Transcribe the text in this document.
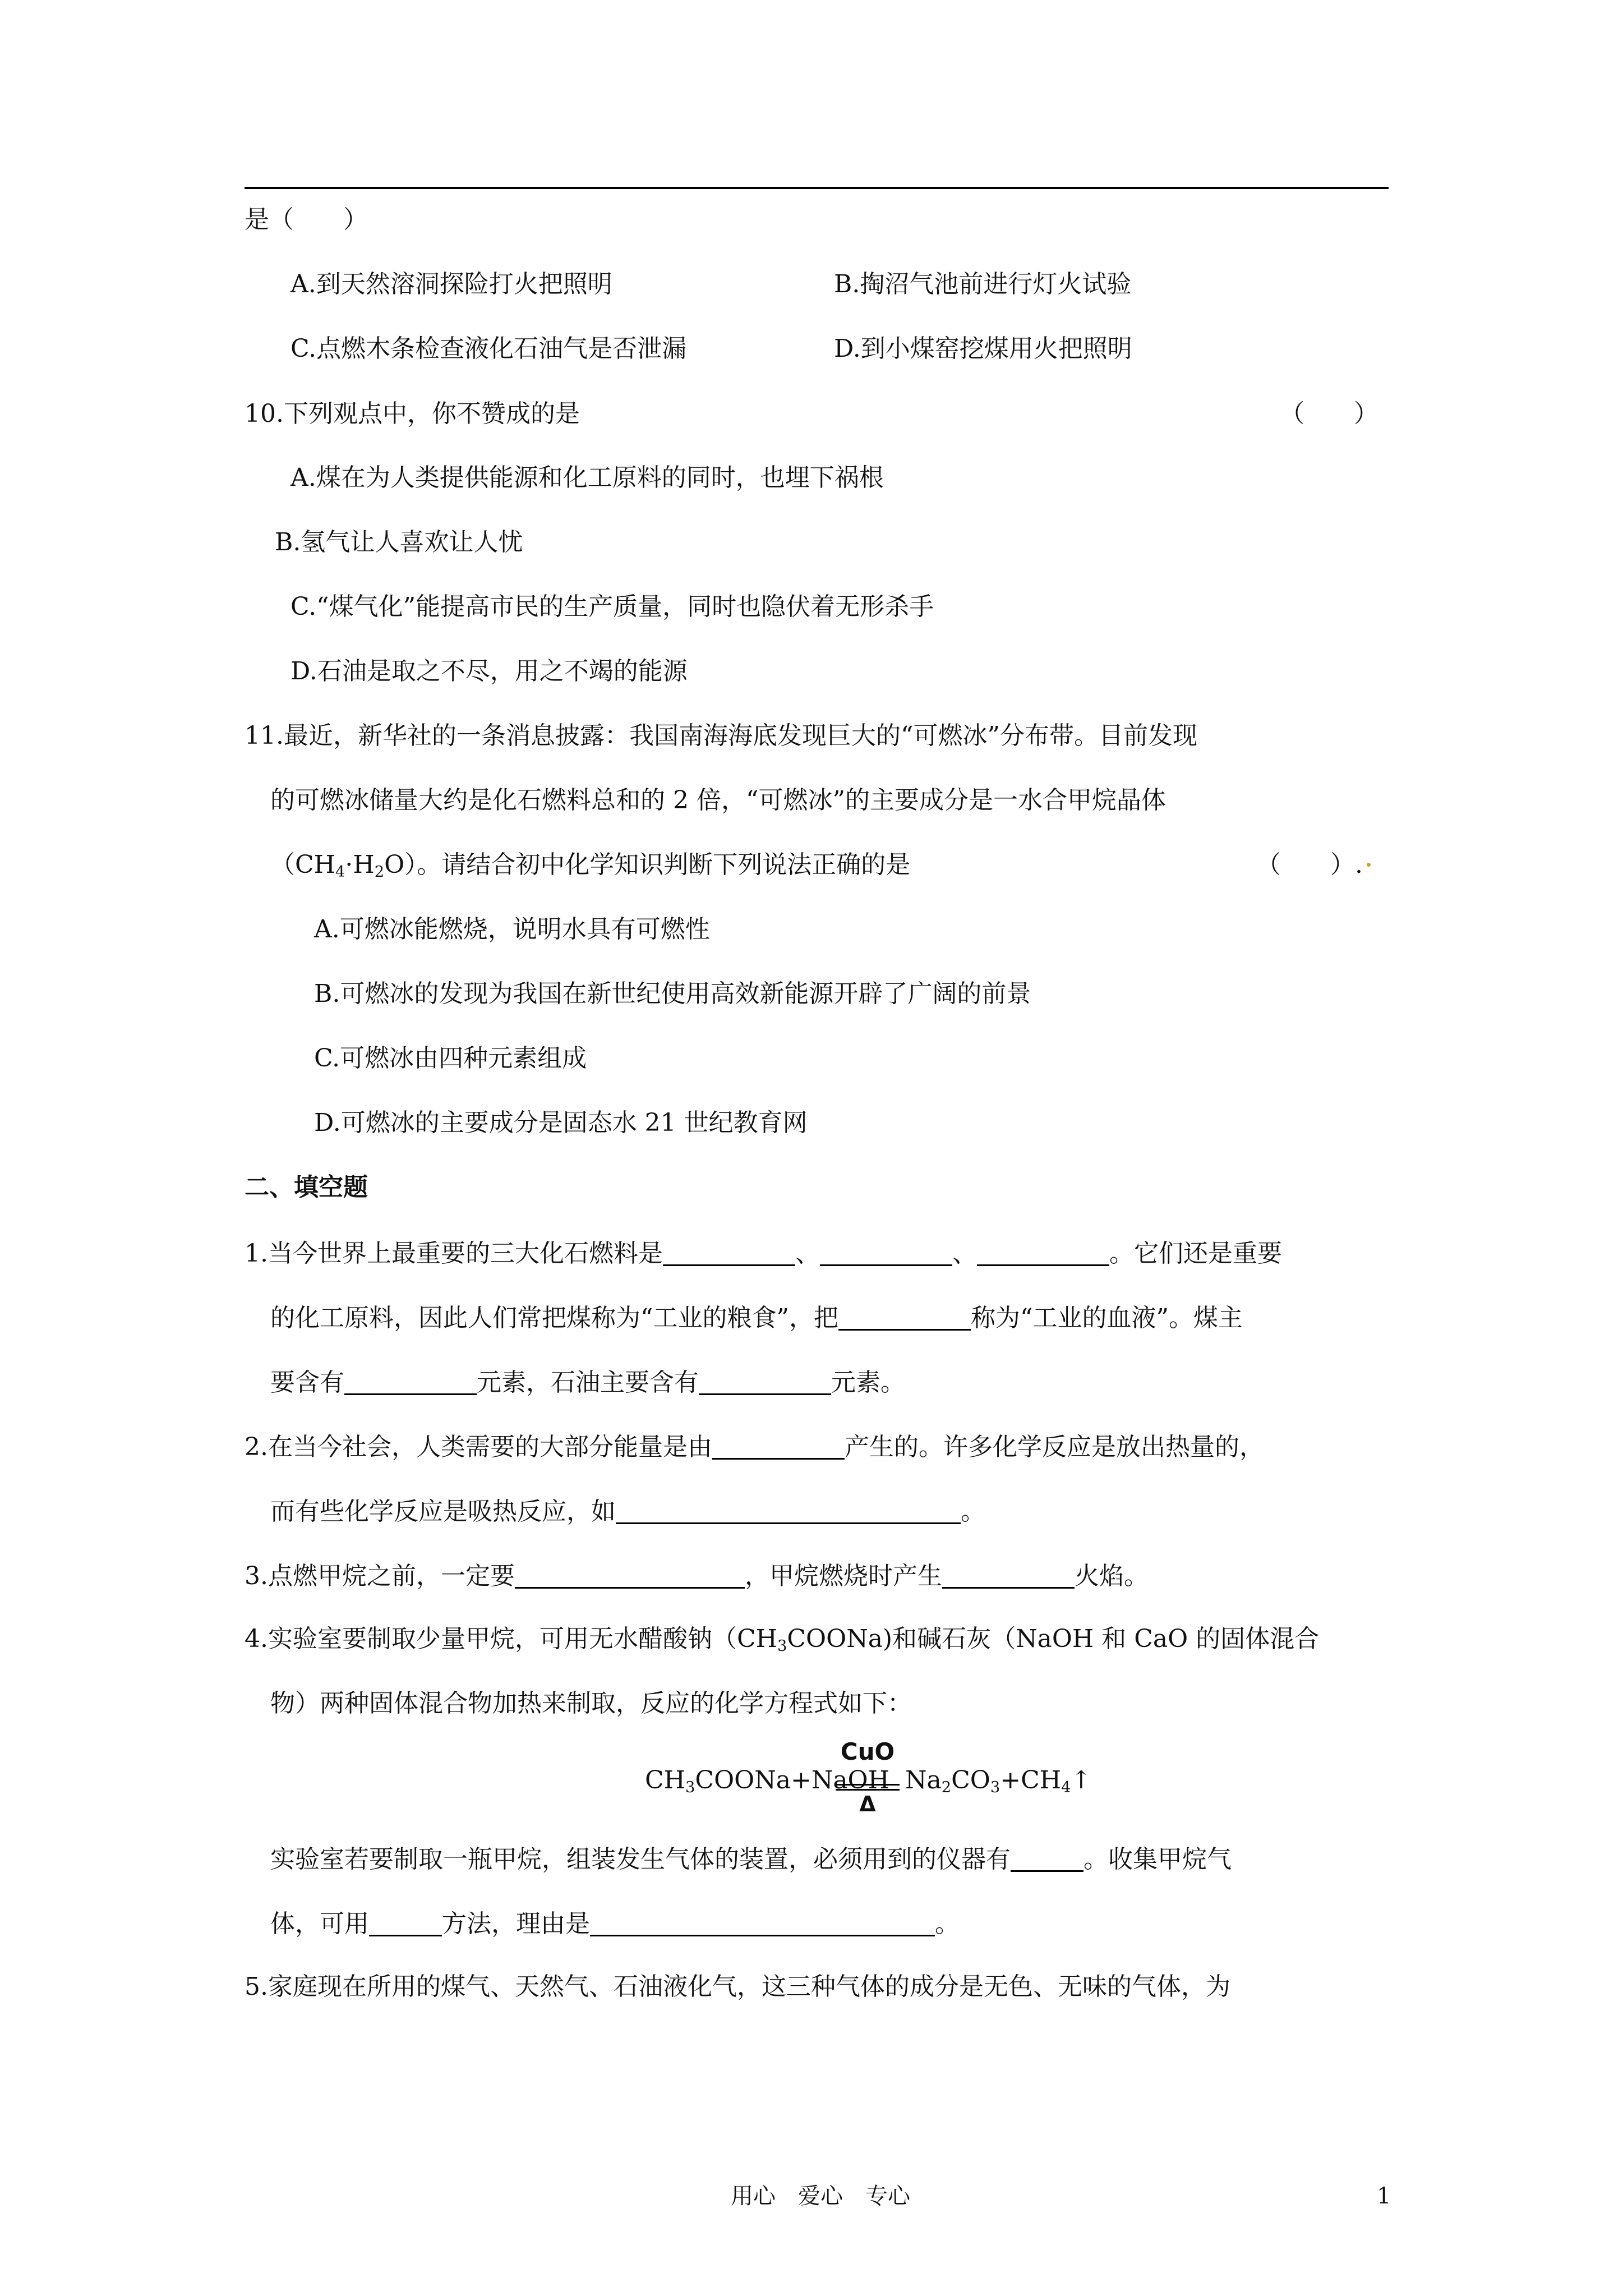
是（　　）
A.到天然溶洞探险打火把照明	B.掏沼气池前进行灯火试验
C.点燃木条检查液化石油气是否泄漏	D.到小煤窑挖煤用火把照明
10.下列观点中，你不赞成的是	（　　）
A.煤在为人类提供能源和化工原料的同时，也埋下祸根
B.氢气让人喜欢让人忧
C.“煤气化”能提高市民的生产质量，同时也隐伏着无形杀手
D.石油是取之不尽，用之不竭的能源
11.最近，新华社的一条消息披露：我国南海海底发现巨大的“可燃冰”分布带。目前发现
的可燃冰储量大约是化石燃料总和的 2 倍，“可燃冰”的主要成分是一水合甲烷晶体
$(CH_4\cdot H_2O)$。请结合初中化学知识判断下列说法正确的是	（　　）.
A.可燃冰能燃烧，说明水具有可燃性
B.可燃冰的发现为我国在新世纪使用高效新能源开辟了广阔的前景
C.可燃冰由四种元素组成
D.可燃冰的主要成分是固态水 21 世纪教育网
二、填空题
1.当今世界上最重要的三大化石燃料是	、	、	。它们还是重要
的化工原料，因此人们常把煤称为“工业的粮食”，把	称为“工业的血液”。煤主
要含有	元素，石油主要含有	元素。
2.在当今社会，人类需要的大部分能量是由	产生的。许多化学反应是放出热量的，
而有些化学反应是吸热反应，如	。
3.点燃甲烷之前，一定要	，甲烷燃烧时产生	火焰。
4.实验室要制取少量甲烷，可用无水醋酸钠$(CH_3COONa)$和碱石灰（NaOH 和 CaO 的固体混合
物）两种固体混合物加热来制取，反应的化学方程式如下：
CuO
$CH_3COONa+NaOH$ $Na_2CO_3+CH_4↑$
Δ
实验室若要制取一瓶甲烷，组装发生气体的装置，必须用到的仪器有	。收集甲烷气
体，可用	方法，理由是	。
5.家庭现在所用的煤气、天然气、石油液化气，这三种气体的成分是无色、无味的气体，为
用心　爱心　专心	1
